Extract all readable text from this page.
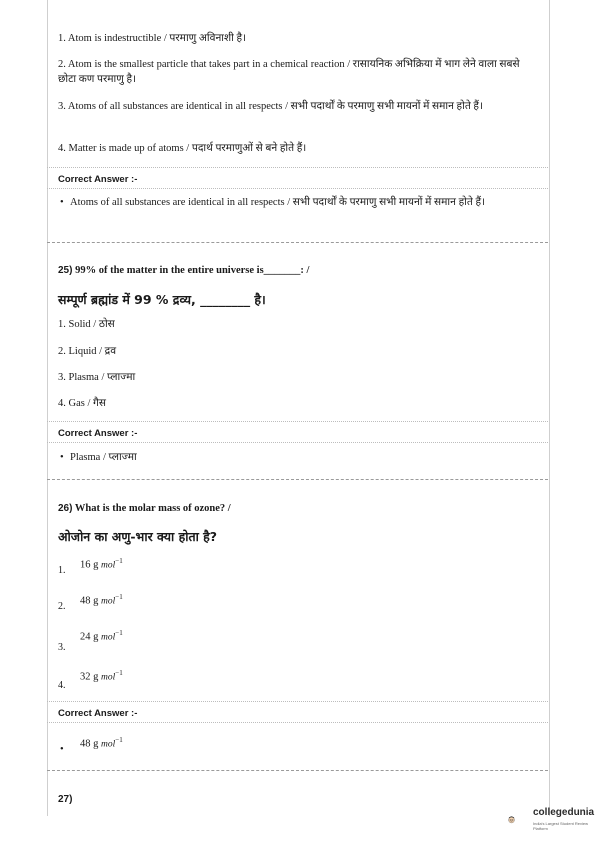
1. Atom is indestructible / परमाणु अविनाशी है।
2. Atom is the smallest particle that takes part in a chemical reaction / रासायनिक अभिक्रिया में भाग लेने वाला सबसे छोटा कण परमाणु है।
3. Atoms of all substances are identical in all respects / सभी पदार्थों के परमाणु सभी मायनों में समान होते हैं।
4. Matter is made up of atoms / पदार्थ परमाणुओं से बने होते हैं।
Correct Answer :-
• Atoms of all substances are identical in all respects / सभी पदार्थों के परमाणु सभी मायनों में समान होते हैं।
25) 99% of the matter in the entire universe is_______: /
सम्पूर्ण ब्रह्मांड में 99 % द्रव्य, ________ है।
1. Solid / ठोस
2. Liquid / द्रव
3. Plasma / प्लाज्मा
4. Gas / गैस
Correct Answer :-
• Plasma / प्लाज्मा
26) What is the molar mass of ozone? /
ओजोन का अणु-भार क्या होता है?
16 g mol$^{-1}$
1.
48 g mol$^{-1}$
2.
24 g mol$^{-1}$
3.
32 g mol$^{-1}$
4.
Correct Answer :-
•	48 g mol$^{-1}$
27)
collegedunia
India's Largest Student Review Platform
